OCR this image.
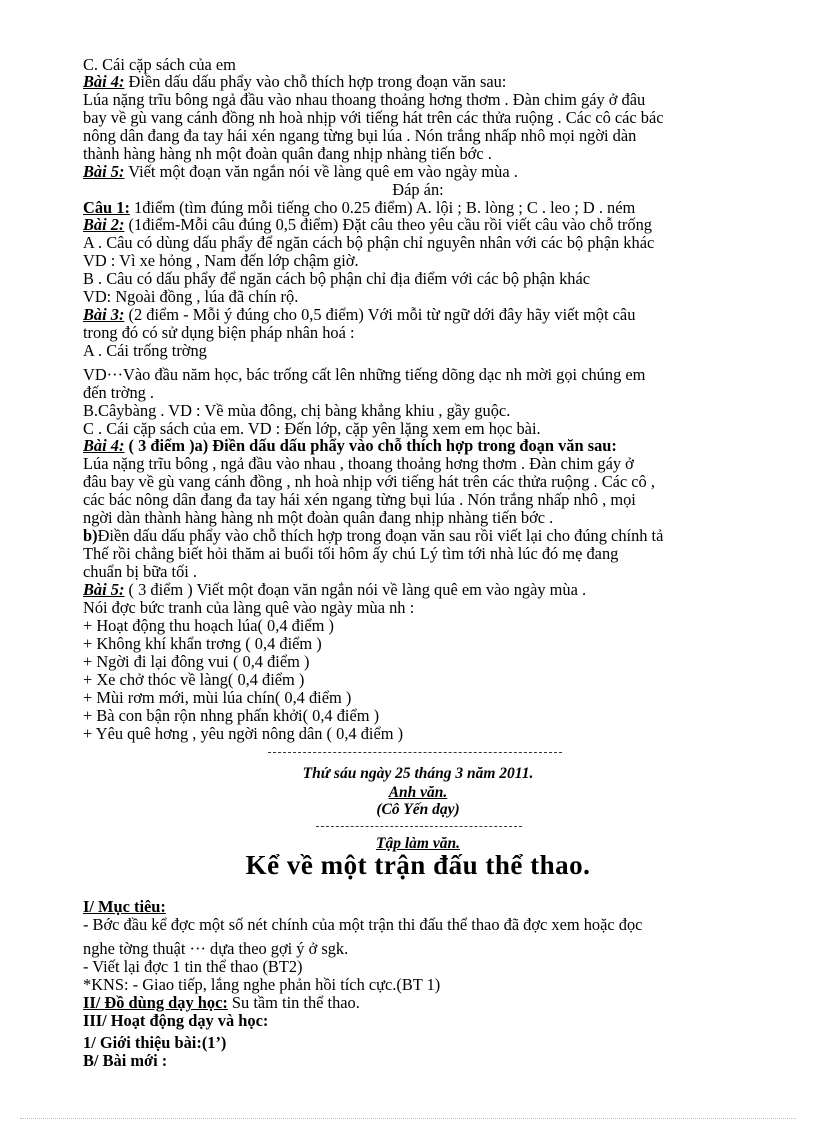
C. Cái cặp sách của em
Bài 4: Điền dấu dấu phẩy vào chỗ thích hợp trong đoạn văn sau:
Lúa nặng trĩu bông ngả đầu vào nhau thoang thoảng hơng thơm . Đàn chim gáy ở đâu
bay về gù vang cánh đồng nh hoà nhịp với tiếng hát trên các thửa ruộng . Các cô các bác
nông dân đang đa tay hái xén ngang từng bụi lúa . Nón trắng nhấp nhô mọi ngời dàn
thành hàng hàng nh một đoàn quân đang nhịp nhàng tiến bớc .
Bài 5: Viết một đoạn văn ngắn nói về làng quê em vào ngày mùa .
Đáp án:
Câu 1: 1điểm (tìm đúng mỗi tiếng cho 0.25 điểm) A. lội ; B. lòng ; C . leo ; D . ném
Bài 2: (1điểm-Mỗi câu đúng 0,5 điểm) Đặt câu theo yêu cầu rồi viết câu vào chỗ trống
A . Câu có dùng dấu phẩy để ngăn cách bộ phận chỉ nguyên nhân với các bộ phận khác
VD : Vì xe hỏng , Nam đến lớp chậm giờ.
B . Câu có dấu phẩy để ngăn cách bộ phận chỉ địa điểm với các bộ phận khác
VD: Ngoài đồng , lúa đã chín rộ.
Bài 3: (2 điểm - Mỗi ý đúng cho 0,5 điểm) Với mỗi từ ngữ dới đây hãy viết một câu
trong đó có sử dụng biện pháp nhân hoá :
A . Cái trống trờng
VD···Vào đầu năm học, bác trống cất lên những tiếng dõng dạc nh mời gọi chúng em
đến trờng .
B.Câybàng . VD : Về mùa đông, chị bàng khẳng khiu , gầy guộc.
C . Cái cặp sách của em. VD : Đến lớp, cặp yên lặng xem em học bài.
Bài 4: ( 3 điểm )a) Điền dấu dấu phẩy vào chỗ thích hợp trong đoạn văn sau:
Lúa nặng trĩu bông , ngả đầu vào nhau , thoang thoảng hơng thơm . Đàn chim gáy ở
đâu bay về gù vang cánh đồng , nh hoà nhịp với tiếng hát trên các thửa ruộng . Các cô ,
các bác nông dân đang đa tay hái xén ngang từng bụi lúa . Nón trắng nhấp nhô , mọi
ngời dàn thành hàng hàng nh một đoàn quân đang nhịp nhàng tiến bớc .
b)Điền dấu dấu phẩy vào chỗ thích hợp trong đoạn văn sau rồi viết lại cho đúng chính tả
Thế rồi chẳng biết hỏi thăm ai buổi tối hôm ấy chú Lý tìm tới nhà lúc đó mẹ đang
chuẩn bị bữa tối .
Bài 5: ( 3 điểm ) Viết một đoạn văn ngắn nói về làng quê em vào ngày mùa .
Nói đợc bức tranh của làng quê vào ngày mùa nh :
+ Hoạt động thu hoạch lúa( 0,4 điểm )
+ Không khí khẩn trơng ( 0,4 điểm )
+ Ngời đi lại đông vui ( 0,4 điểm )
+ Xe chở thóc về làng( 0,4 điểm )
+ Mùi rơm mới, mùi lúa chín( 0,4 điểm )
+ Bà con bận rộn nhng phấn khởi( 0,4 điểm )
+ Yêu quê hơng , yêu ngời nông dân ( 0,4 điểm )
Thứ sáu ngày 25 tháng 3 năm 2011.
Anh văn.
(Cô Yến dạy)
Tập làm văn.
Kể về một trận đấu thể thao.
I/ Mục tiêu:
- Bớc đầu kể đợc một số nét chính của một trận thi đấu thể thao đã đợc xem hoặc đọc
nghe tờng thuật ··· dựa theo gợi ý ở sgk.
- Viết lại đợc 1 tin thể thao (BT2)
*KNS: - Giao tiếp, lắng nghe phản hồi tích cực.(BT 1)
II/ Đồ dùng dạy học: Su tầm tin thể thao.
III/ Hoạt động dạy và học:
1/ Giới thiệu bài:(1’)
B/ Bài mới :
